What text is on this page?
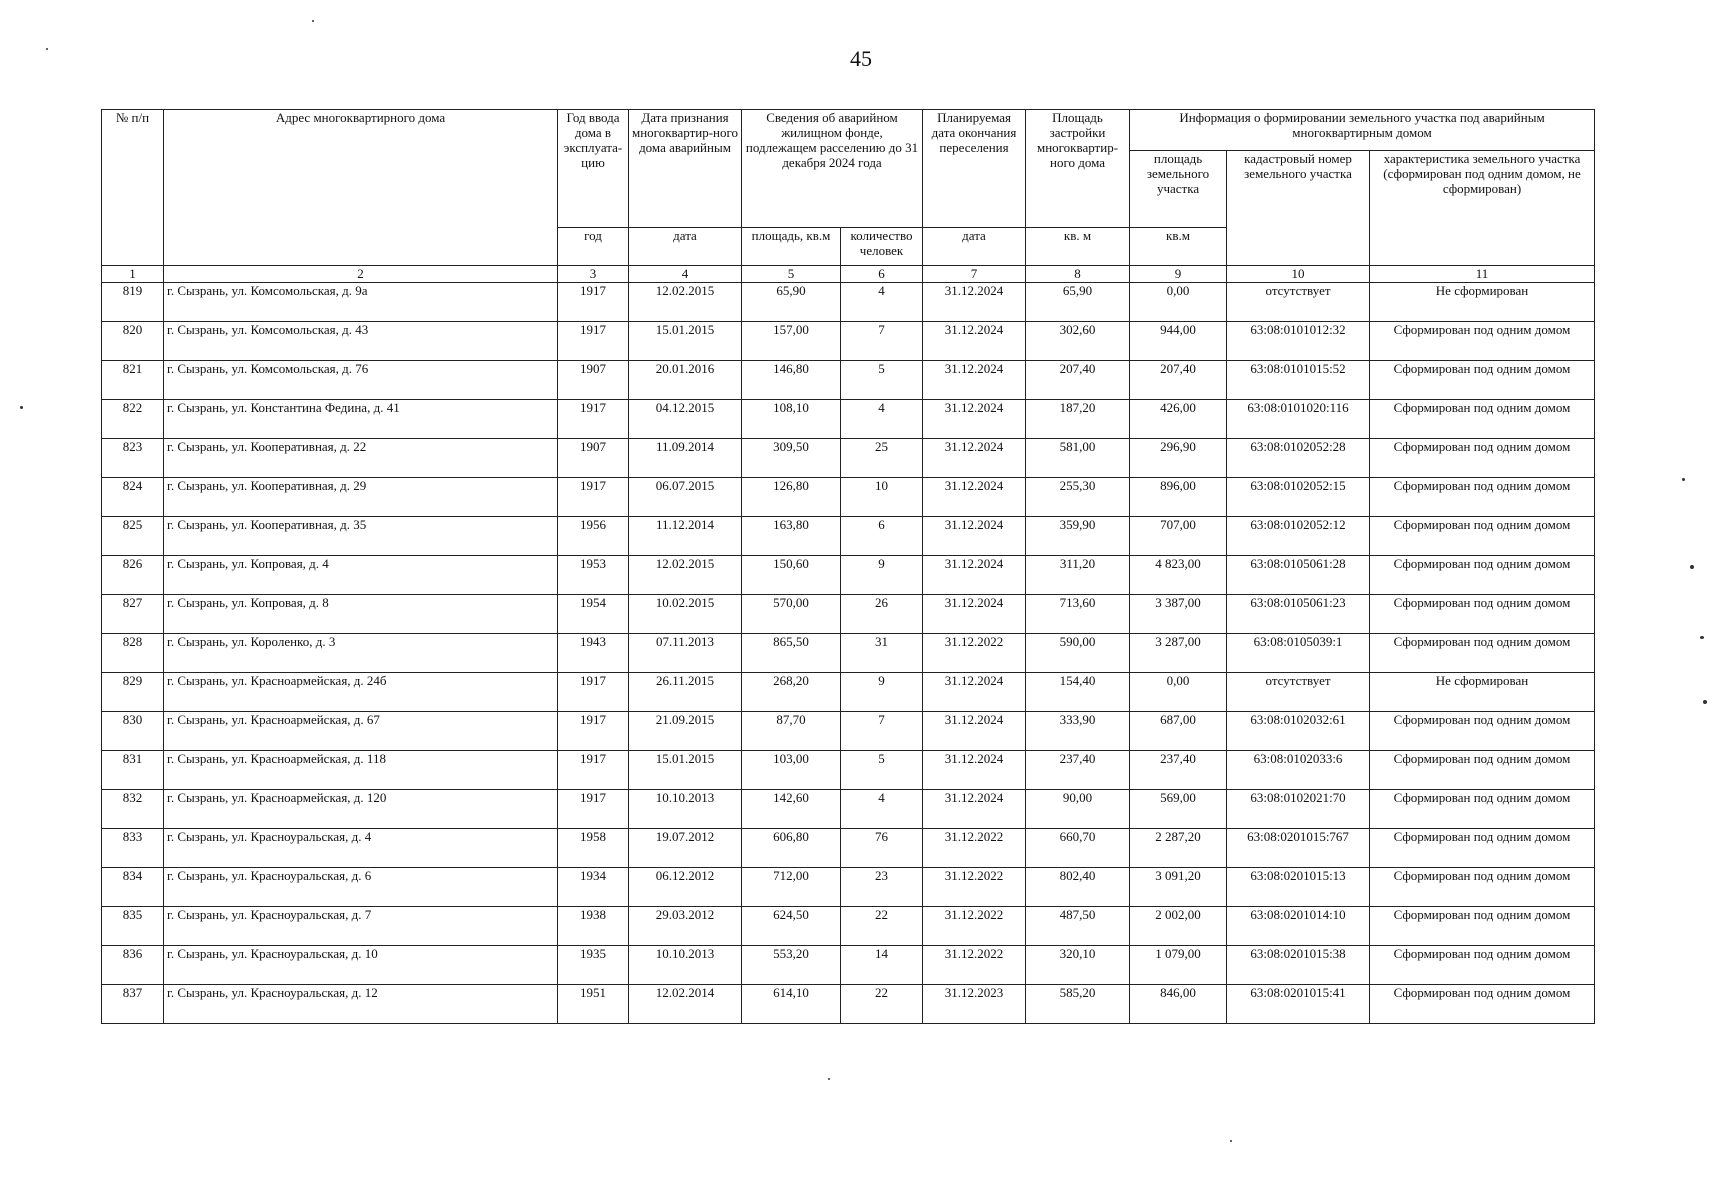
45
№ п/п	Адрес многоквартирного дома	Год ввода дома в эксплуата-цию	Дата признания многоквартир-ного дома аварийным	Сведения об аварийном жилищном фонде, подлежащем расселению до 31 декабря 2024 года		Планируемая дата окончания переселения	Площадь застройки многоквартир-ного дома	Информация о формировании земельного участка под аварийным многоквартирным домом		
								площадь земельного участка	кадастровый номер земельного участка	характеристика земельного участка (сформирован под одним домом, не сформирован)
		год	дата	площадь, кв.м	количество человек	дата	кв. м	кв.м		
1	2	3	4	5	6	7	8	9	10	11
819	г. Сызрань, ул. Комсомольская, д. 9а	1917	12.02.2015	65,90	4	31.12.2024	65,90	0,00	отсутствует	Не сформирован
820	г. Сызрань, ул. Комсомольская, д. 43	1917	15.01.2015	157,00	7	31.12.2024	302,60	944,00	63:08:0101012:32	Сформирован под одним домом
821	г. Сызрань, ул. Комсомольская, д. 76	1907	20.01.2016	146,80	5	31.12.2024	207,40	207,40	63:08:0101015:52	Сформирован под одним домом
822	г. Сызрань, ул. Константина Федина, д. 41	1917	04.12.2015	108,10	4	31.12.2024	187,20	426,00	63:08:0101020:116	Сформирован под одним домом
823	г. Сызрань, ул. Кооперативная, д. 22	1907	11.09.2014	309,50	25	31.12.2024	581,00	296,90	63:08:0102052:28	Сформирован под одним домом
824	г. Сызрань, ул. Кооперативная, д. 29	1917	06.07.2015	126,80	10	31.12.2024	255,30	896,00	63:08:0102052:15	Сформирован под одним домом
825	г. Сызрань, ул. Кооперативная, д. 35	1956	11.12.2014	163,80	6	31.12.2024	359,90	707,00	63:08:0102052:12	Сформирован под одним домом
826	г. Сызрань, ул. Копровая, д. 4	1953	12.02.2015	150,60	9	31.12.2024	311,20	4 823,00	63:08:0105061:28	Сформирован под одним домом
827	г. Сызрань, ул. Копровая, д. 8	1954	10.02.2015	570,00	26	31.12.2024	713,60	3 387,00	63:08:0105061:23	Сформирован под одним домом
828	г. Сызрань, ул. Короленко, д. 3	1943	07.11.2013	865,50	31	31.12.2022	590,00	3 287,00	63:08:0105039:1	Сформирован под одним домом
829	г. Сызрань, ул. Красноармейская, д. 24б	1917	26.11.2015	268,20	9	31.12.2024	154,40	0,00	отсутствует	Не сформирован
830	г. Сызрань, ул. Красноармейская, д. 67	1917	21.09.2015	87,70	7	31.12.2024	333,90	687,00	63:08:0102032:61	Сформирован под одним домом
831	г. Сызрань, ул. Красноармейская, д. 118	1917	15.01.2015	103,00	5	31.12.2024	237,40	237,40	63:08:0102033:6	Сформирован под одним домом
832	г. Сызрань, ул. Красноармейская, д. 120	1917	10.10.2013	142,60	4	31.12.2024	90,00	569,00	63:08:0102021:70	Сформирован под одним домом
833	г. Сызрань, ул. Красноуральская, д. 4	1958	19.07.2012	606,80	76	31.12.2022	660,70	2 287,20	63:08:0201015:767	Сформирован под одним домом
834	г. Сызрань, ул. Красноуральская, д. 6	1934	06.12.2012	712,00	23	31.12.2022	802,40	3 091,20	63:08:0201015:13	Сформирован под одним домом
835	г. Сызрань, ул. Красноуральская, д. 7	1938	29.03.2012	624,50	22	31.12.2022	487,50	2 002,00	63:08:0201014:10	Сформирован под одним домом
836	г. Сызрань, ул. Красноуральская, д. 10	1935	10.10.2013	553,20	14	31.12.2022	320,10	1 079,00	63:08:0201015:38	Сформирован под одним домом
837	г. Сызрань, ул. Красноуральская, д. 12	1951	12.02.2014	614,10	22	31.12.2023	585,20	846,00	63:08:0201015:41	Сформирован под одним домом
